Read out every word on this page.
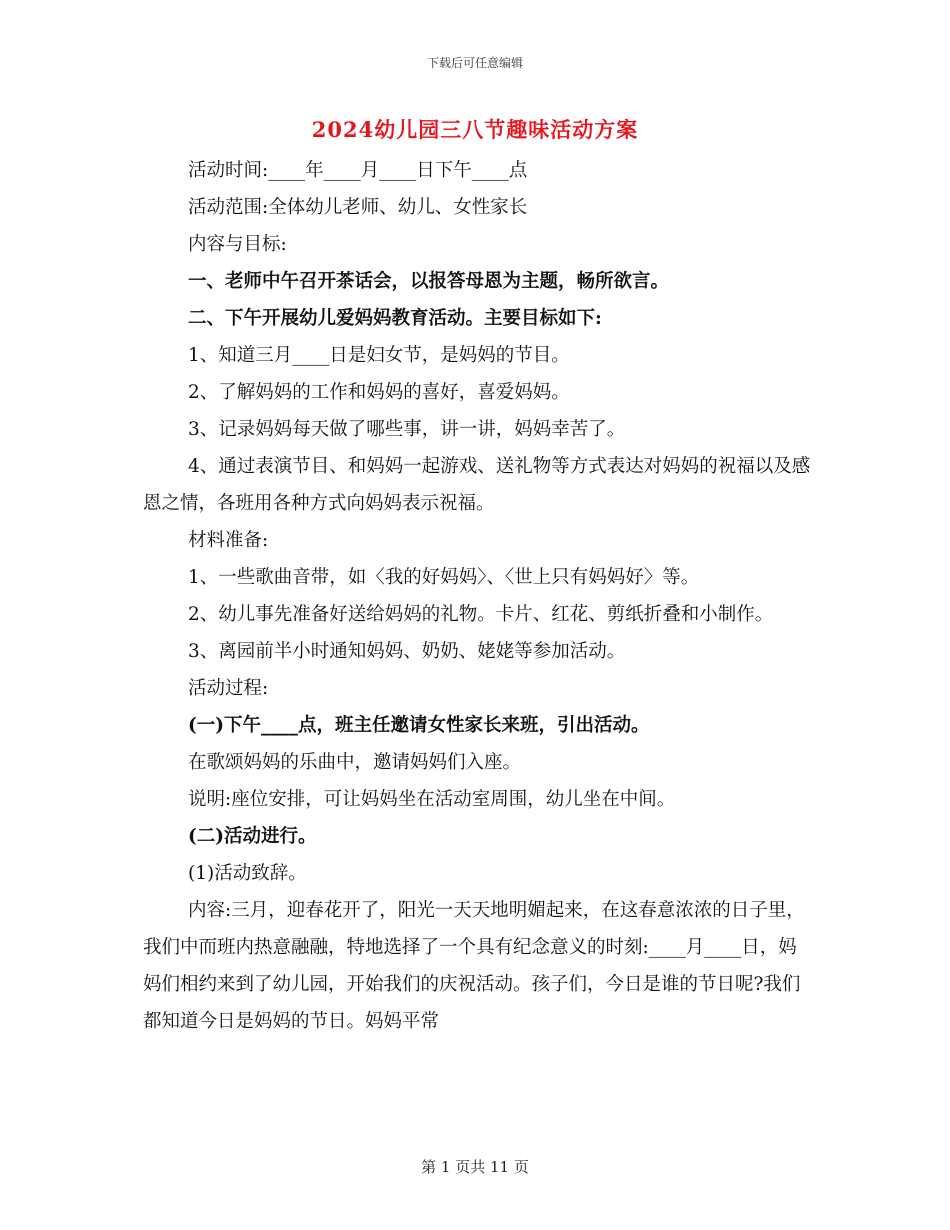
下载后可任意编辑
2024幼儿园三八节趣味活动方案

活动时间:____年____月____日下午____点

活动范围:全体幼儿老师、幼儿、女性家长

内容与目标:

一、老师中午召开茶话会，以报答母恩为主题，畅所欲言。

二、下午开展幼儿爱妈妈教育活动。主要目标如下:

1、知道三月____日是妇女节，是妈妈的节目。

2、了解妈妈的工作和妈妈的喜好，喜爱妈妈。

3、记录妈妈每天做了哪些事，讲一讲，妈妈幸苦了。

4、通过表演节目、和妈妈一起游戏、送礼物等方式表达对妈妈的祝福以及感恩之情，各班用各种方式向妈妈表示祝福。

材料准备:

1、一些歌曲音带，如〈我的好妈妈〉、〈世上只有妈妈好〉等。

2、幼儿事先准备好送给妈妈的礼物。卡片、红花、剪纸折叠和小制作。

3、离园前半小时通知妈妈、奶奶、姥姥等参加活动。

活动过程:

(一)下午____点，班主任邀请女性家长来班，引出活动。

在歌颂妈妈的乐曲中，邀请妈妈们入座。

说明:座位安排，可让妈妈坐在活动室周围，幼儿坐在中间。

(二)活动进行。

(1)活动致辞。

内容:三月，迎春花开了，阳光一天天地明媚起来，在这春意浓浓的日子里，我们中而班内热意融融，特地选择了一个具有纪念意义的时刻:____月____日，妈妈们相约来到了幼儿园，开始我们的庆祝活动。孩子们，今日是谁的节日呢?我们都知道今日是妈妈的节日。妈妈平常

第 1 页共 11 页
